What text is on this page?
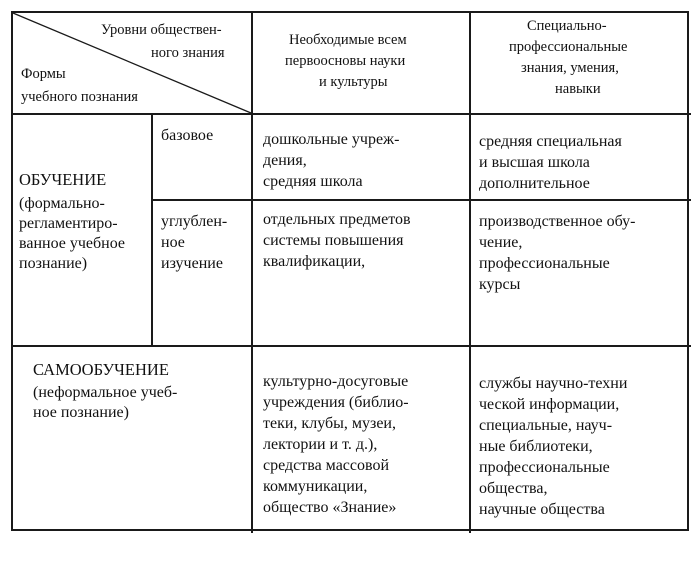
Уровни обществен-
ного знания
Формы
учебного познания
Необходимые всем
первоосновы науки
и культуры
Специально-
профессиональные
знания, умения,
навыки
ОБУЧЕНИЕ
(формально-
регламентиро-
ванное учебное
познание)
базовое	дошкольные учреж-
дения,
средняя школа
средняя специальная
и высшая школа
дополнительное
углублен-
ное
изучение
отдельных предметов
системы повышения
квалификации,
производственное обу-
чение,
профессиональные
курсы
САМООБУЧЕНИЕ
(неформальное учеб-
ное познание)
культурно-досуговые
учреждения (библио-
теки, клубы, музеи,
лектории и т. д.),
средства массовой
коммуникации,
общество «Знание»
службы научно-техни
ческой информации,
специальные, науч-
ные библиотеки,
профессиональные
общества,
научные общества
